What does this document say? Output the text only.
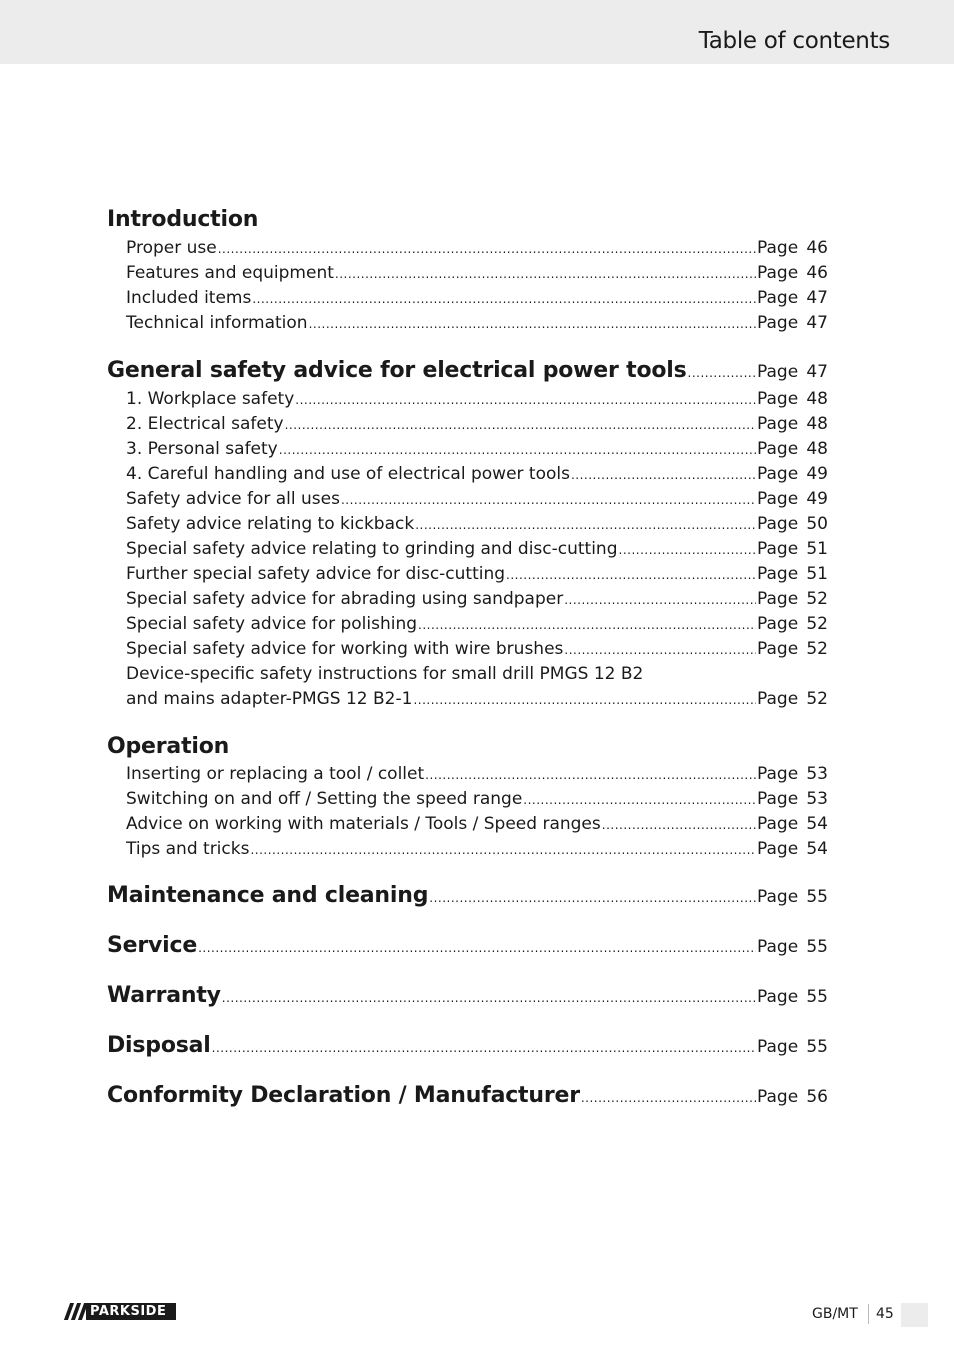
Table of contents
Introduction
Proper use .....	Page 46
Features and equipment .....	Page 46
Included items .....	Page 47
Technical information .....	Page 47
General safety advice for electrical power tools .....	Page 47
1. Workplace safety .....	Page 48
2. Electrical safety .....	Page 48
3. Personal safety .....	Page 48
4. Careful handling and use of electrical power tools .....	Page 49
Safety advice for all uses .....	Page 49
Safety advice relating to kickback .....	Page 50
Special safety advice relating to grinding and disc-cutting .....	Page 51
Further special safety advice for disc-cutting .....	Page 51
Special safety advice for abrading using sandpaper .....	Page 52
Special safety advice for polishing .....	Page 52
Special safety advice for working with wire brushes .....	Page 52
Device-specific safety instructions for small drill PMGS 12 B2
and mains adapter-PMGS 12 B2-1 .....	Page 52
Operation
Inserting or replacing a tool / collet .....	Page 53
Switching on and off / Setting the speed range .....	Page 53
Advice on working with materials / Tools / Speed ranges .....	Page 54
Tips and tricks .....	Page 54
Maintenance and cleaning .....	Page 55
Service .....	Page 55
Warranty .....	Page 55
Disposal .....	Page 55
Conformity Declaration / Manufacturer .....	Page 56
PARKSIDE	GB/MT 45
